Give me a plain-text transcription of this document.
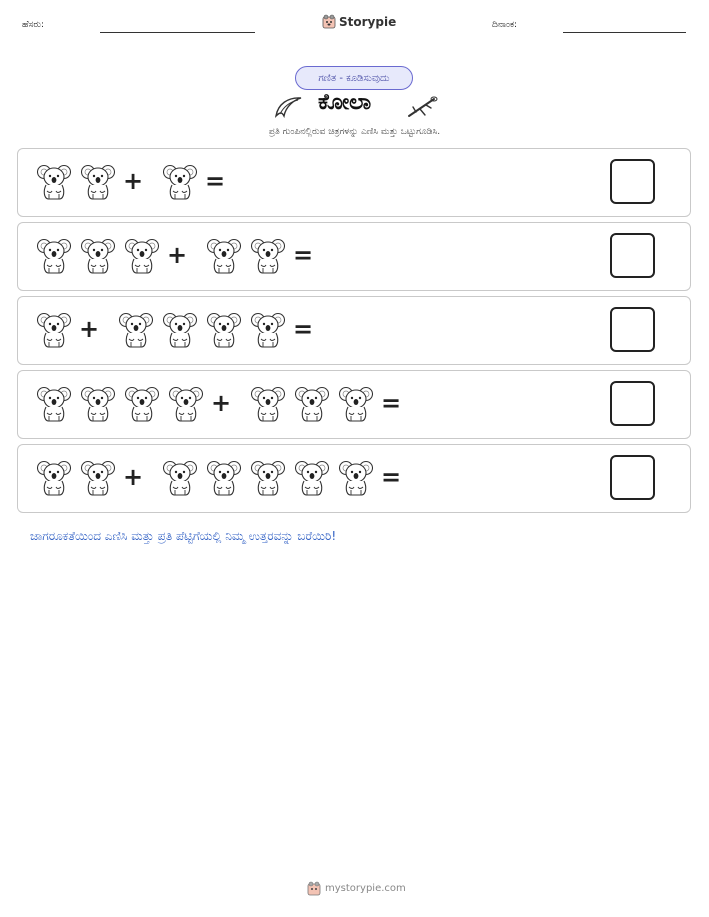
ಹೆಸರು:	Storypie	ದಿನಾಂಕ:
ಗಣಿತ - ಕೂಡಿಸುವುದು
ಕೋಲಾ
ಪ್ರತಿ ಗುಂಪಿನಲ್ಲಿರುವ ಚಿತ್ರಗಳನ್ನು ಎಣಿಸಿ ಮತ್ತು ಒಟ್ಟುಗೂಡಿಸಿ.
+	=
+	=
+	=
+	=
+	=
ಜಾಗರೂಕತೆಯಿಂದ ಎಣಿಸಿ ಮತ್ತು ಪ್ರತಿ ಪೆಟ್ಟಿಗೆಯಲ್ಲಿ ನಿಮ್ಮ ಉತ್ತರವನ್ನು ಬರೆಯಿರಿ!
mystorypie.com
